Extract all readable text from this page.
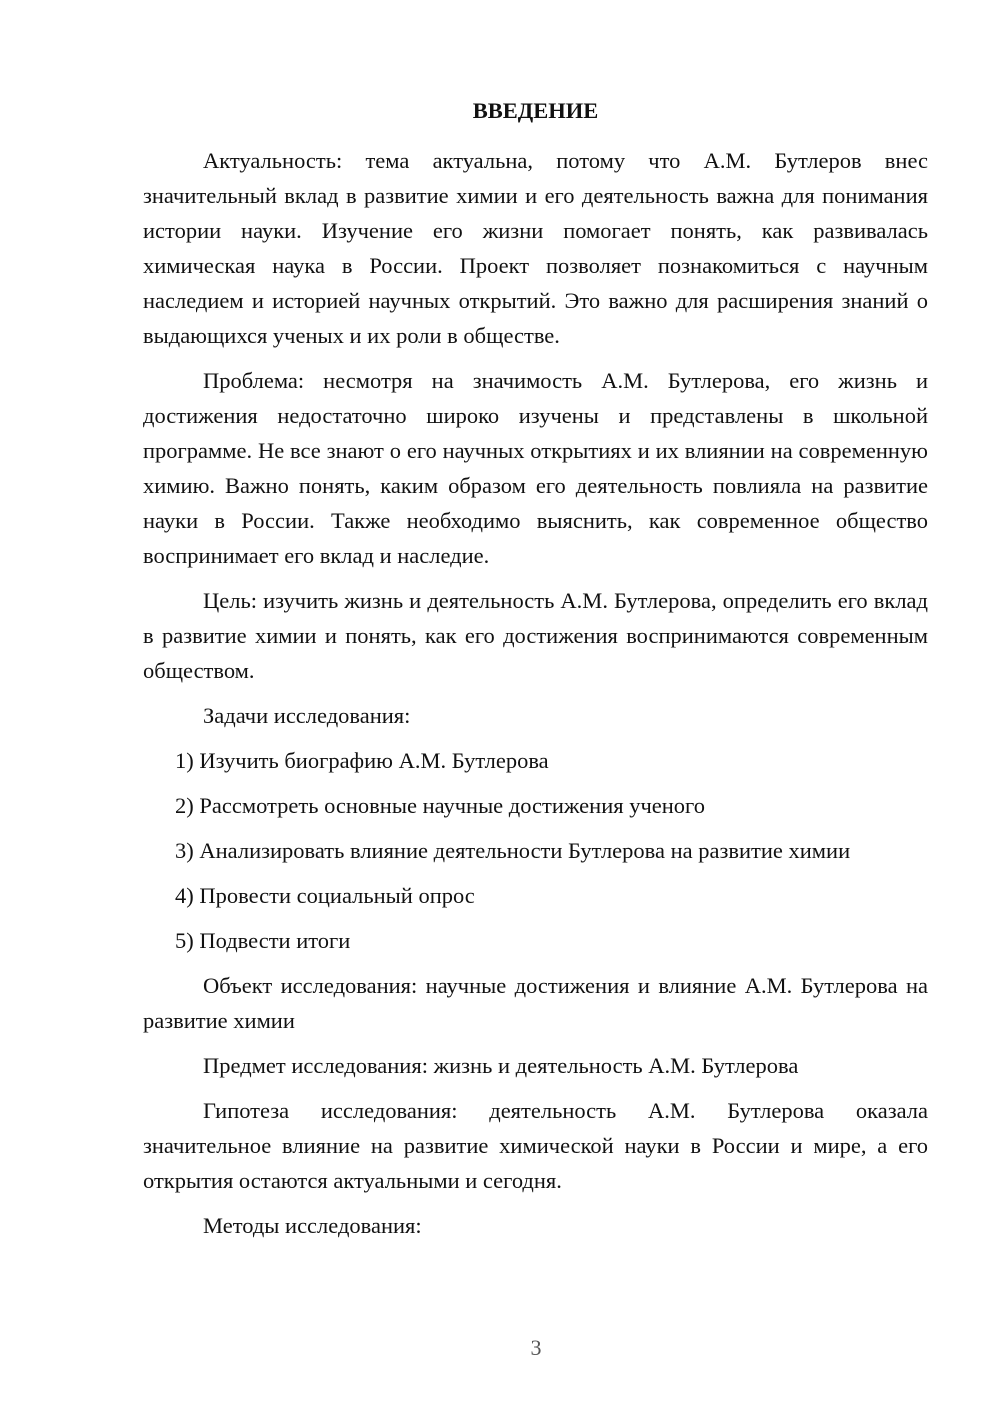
ВВЕДЕНИЕ

Актуальность: тема актуальна, потому что А.М. Бутлеров внес значительный вклад в развитие химии и его деятельность важна для понимания истории науки. Изучение его жизни помогает понять, как развивалась химическая наука в России. Проект позволяет познакомиться с научным наследием и историей научных открытий. Это важно для расширения знаний о выдающихся ученых и их роли в обществе.

Проблема: несмотря на значимость А.М. Бутлерова, его жизнь и достижения недостаточно широко изучены и представлены в школьной программе. Не все знают о его научных открытиях и их влиянии на современную химию. Важно понять, каким образом его деятельность повлияла на развитие науки в России. Также необходимо выяснить, как современное общество воспринимает его вклад и наследие.

Цель: изучить жизнь и деятельность А.М. Бутлерова, определить его вклад в развитие химии и понять, как его достижения воспринимаются современным обществом.

Задачи исследования:

1) Изучить биографию А.М. Бутлерова
2) Рассмотреть основные научные достижения ученого
3) Анализировать влияние деятельности Бутлерова на развитие химии
4) Провести социальный опрос
5) Подвести итоги

Объект исследования: научные достижения и влияние А.М. Бутлерова на развитие химии

Предмет исследования: жизнь и деятельность А.М. Бутлерова

Гипотеза исследования: деятельность А.М. Бутлерова оказала значительное влияние на развитие химической науки в России и мире, а его открытия остаются актуальными и сегодня.

Методы исследования:

3
